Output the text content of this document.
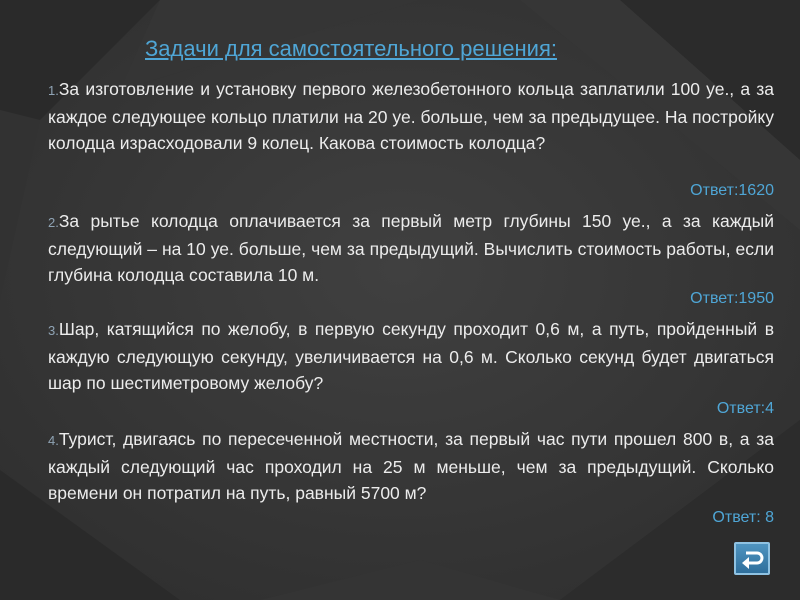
Задачи для самостоятельного решения:

1.За изготовление и установку первого железобетонного кольца заплатили 100 уе., а за каждое следующее кольцо платили на 20 уе. больше, чем за предыдущее. На постройку колодца израсходовали 9 колец. Какова стоимость колодца?

Ответ:1620

2.За рытье колодца оплачивается за первый метр глубины 150 уе., а за каждый следующий – на 10 уе. больше, чем за предыдущий. Вычислить стоимость работы, если глубина колодца составила 10 м.

Ответ:1950

3.Шар, катящийся по желобу, в первую секунду проходит 0,6 м, а путь, пройденный в каждую следующую секунду, увеличивается на 0,6 м. Сколько секунд будет двигаться шар по шестиметровому желобу?

Ответ:4

4.Турист, двигаясь по пересеченной местности, за первый час пути прошел 800 в, а за каждый следующий час проходил на 25 м меньше, чем за предыдущий. Сколько времени он потратил на путь, равный 5700 м?

Ответ: 8
